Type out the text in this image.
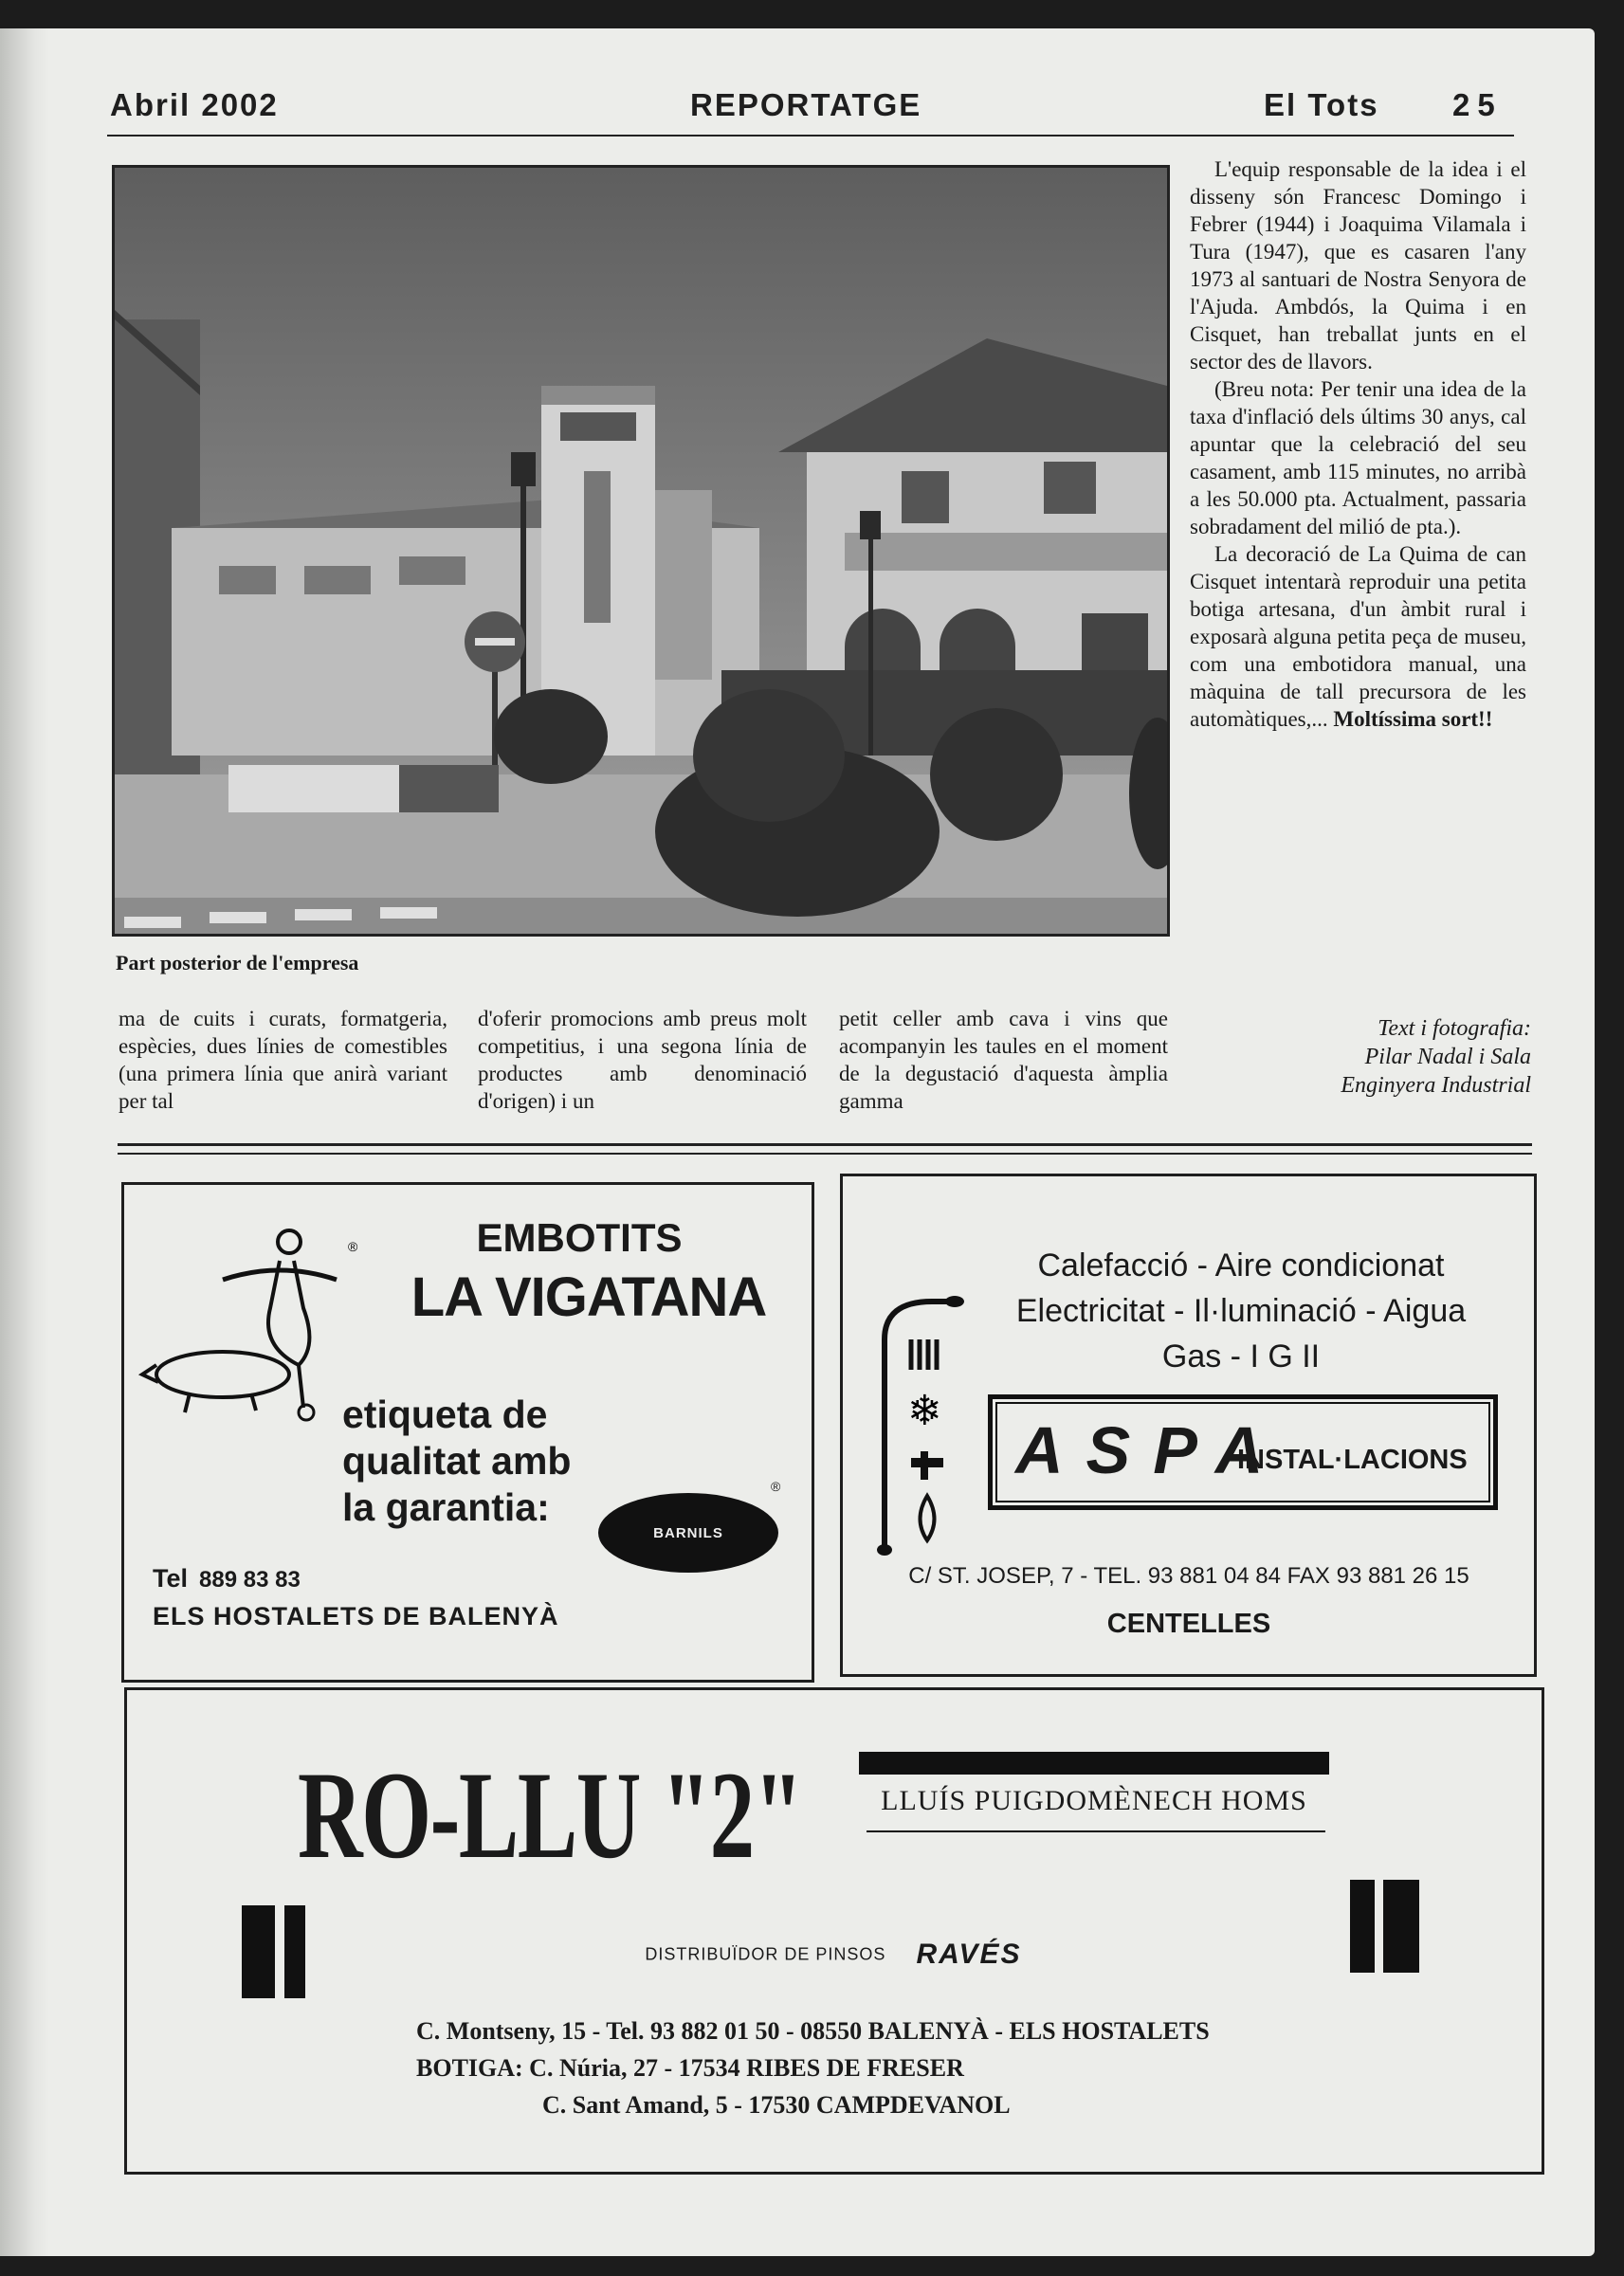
Abril 2002	REPORTATGE	El Tots 25
Part posterior de l'empresa

L'equip responsable de la idea i el disseny són Francesc Domingo i Febrer (1944) i Joaquima Vilamala i Tura (1947), que es casaren l'any 1973 al santuari de Nostra Senyora de l'Ajuda. Ambdós, la Quima i en Cisquet, han treballat junts en el sector des de llavors.

(Breu nota: Per tenir una idea de la taxa d'inflació dels últims 30 anys, cal apuntar que la celebració del seu casament, amb 115 minutes, no arribà a les 50.000 pta. Actualment, passaria sobradament del milió de pta.).

La decoració de La Quima de can Cisquet intentarà reproduir una petita botiga artesana, d'un àmbit rural i exposarà alguna petita peça de museu, com una embotidora manual, una màquina de tall precursora de les automàtiques,... Moltíssima sort!!

ma de cuits i curats, formatgeria, espècies, dues línies de comestibles (una primera línia que anirà variant per tal
d'oferir promocions amb preus molt competitius, i una segona línia de productes amb denominació d'origen) i un
petit celler amb cava i vins que acompanyin les taules en el moment de la degustació d'aquesta àmplia gamma
Text i fotografia:
Pilar Nadal i Sala
Enginyera Industrial
®	EMBOTITS
LA VIGATANA
etiqueta de
qualitat amb
la garantia:
BARNILS
®
Tel 889 83 83
ELS HOSTALETS DE BALENYÀ
Calefacció - Aire condicionat
Electricitat - Il·luminació - Aigua
Gas - I G II
❄
ASPA
INSTAL·LACIONS
C/ ST. JOSEP, 7 - TEL. 93 881 04 84 FAX 93 881 26 15
CENTELLES
RO-LLU "2"	LLUÍS PUIGDOMÈNECH HOMS
DISTRIBUÏDOR DE PINSOS RAVÉS
C. Montseny, 15 - Tel. 93 882 01 50 - 08550 BALENYÀ - ELS HOSTALETS
BOTIGA: C. Núria, 27 - 17534 RIBES DE FRESER
C. Sant Amand, 5 - 17530 CAMPDEVANOL
